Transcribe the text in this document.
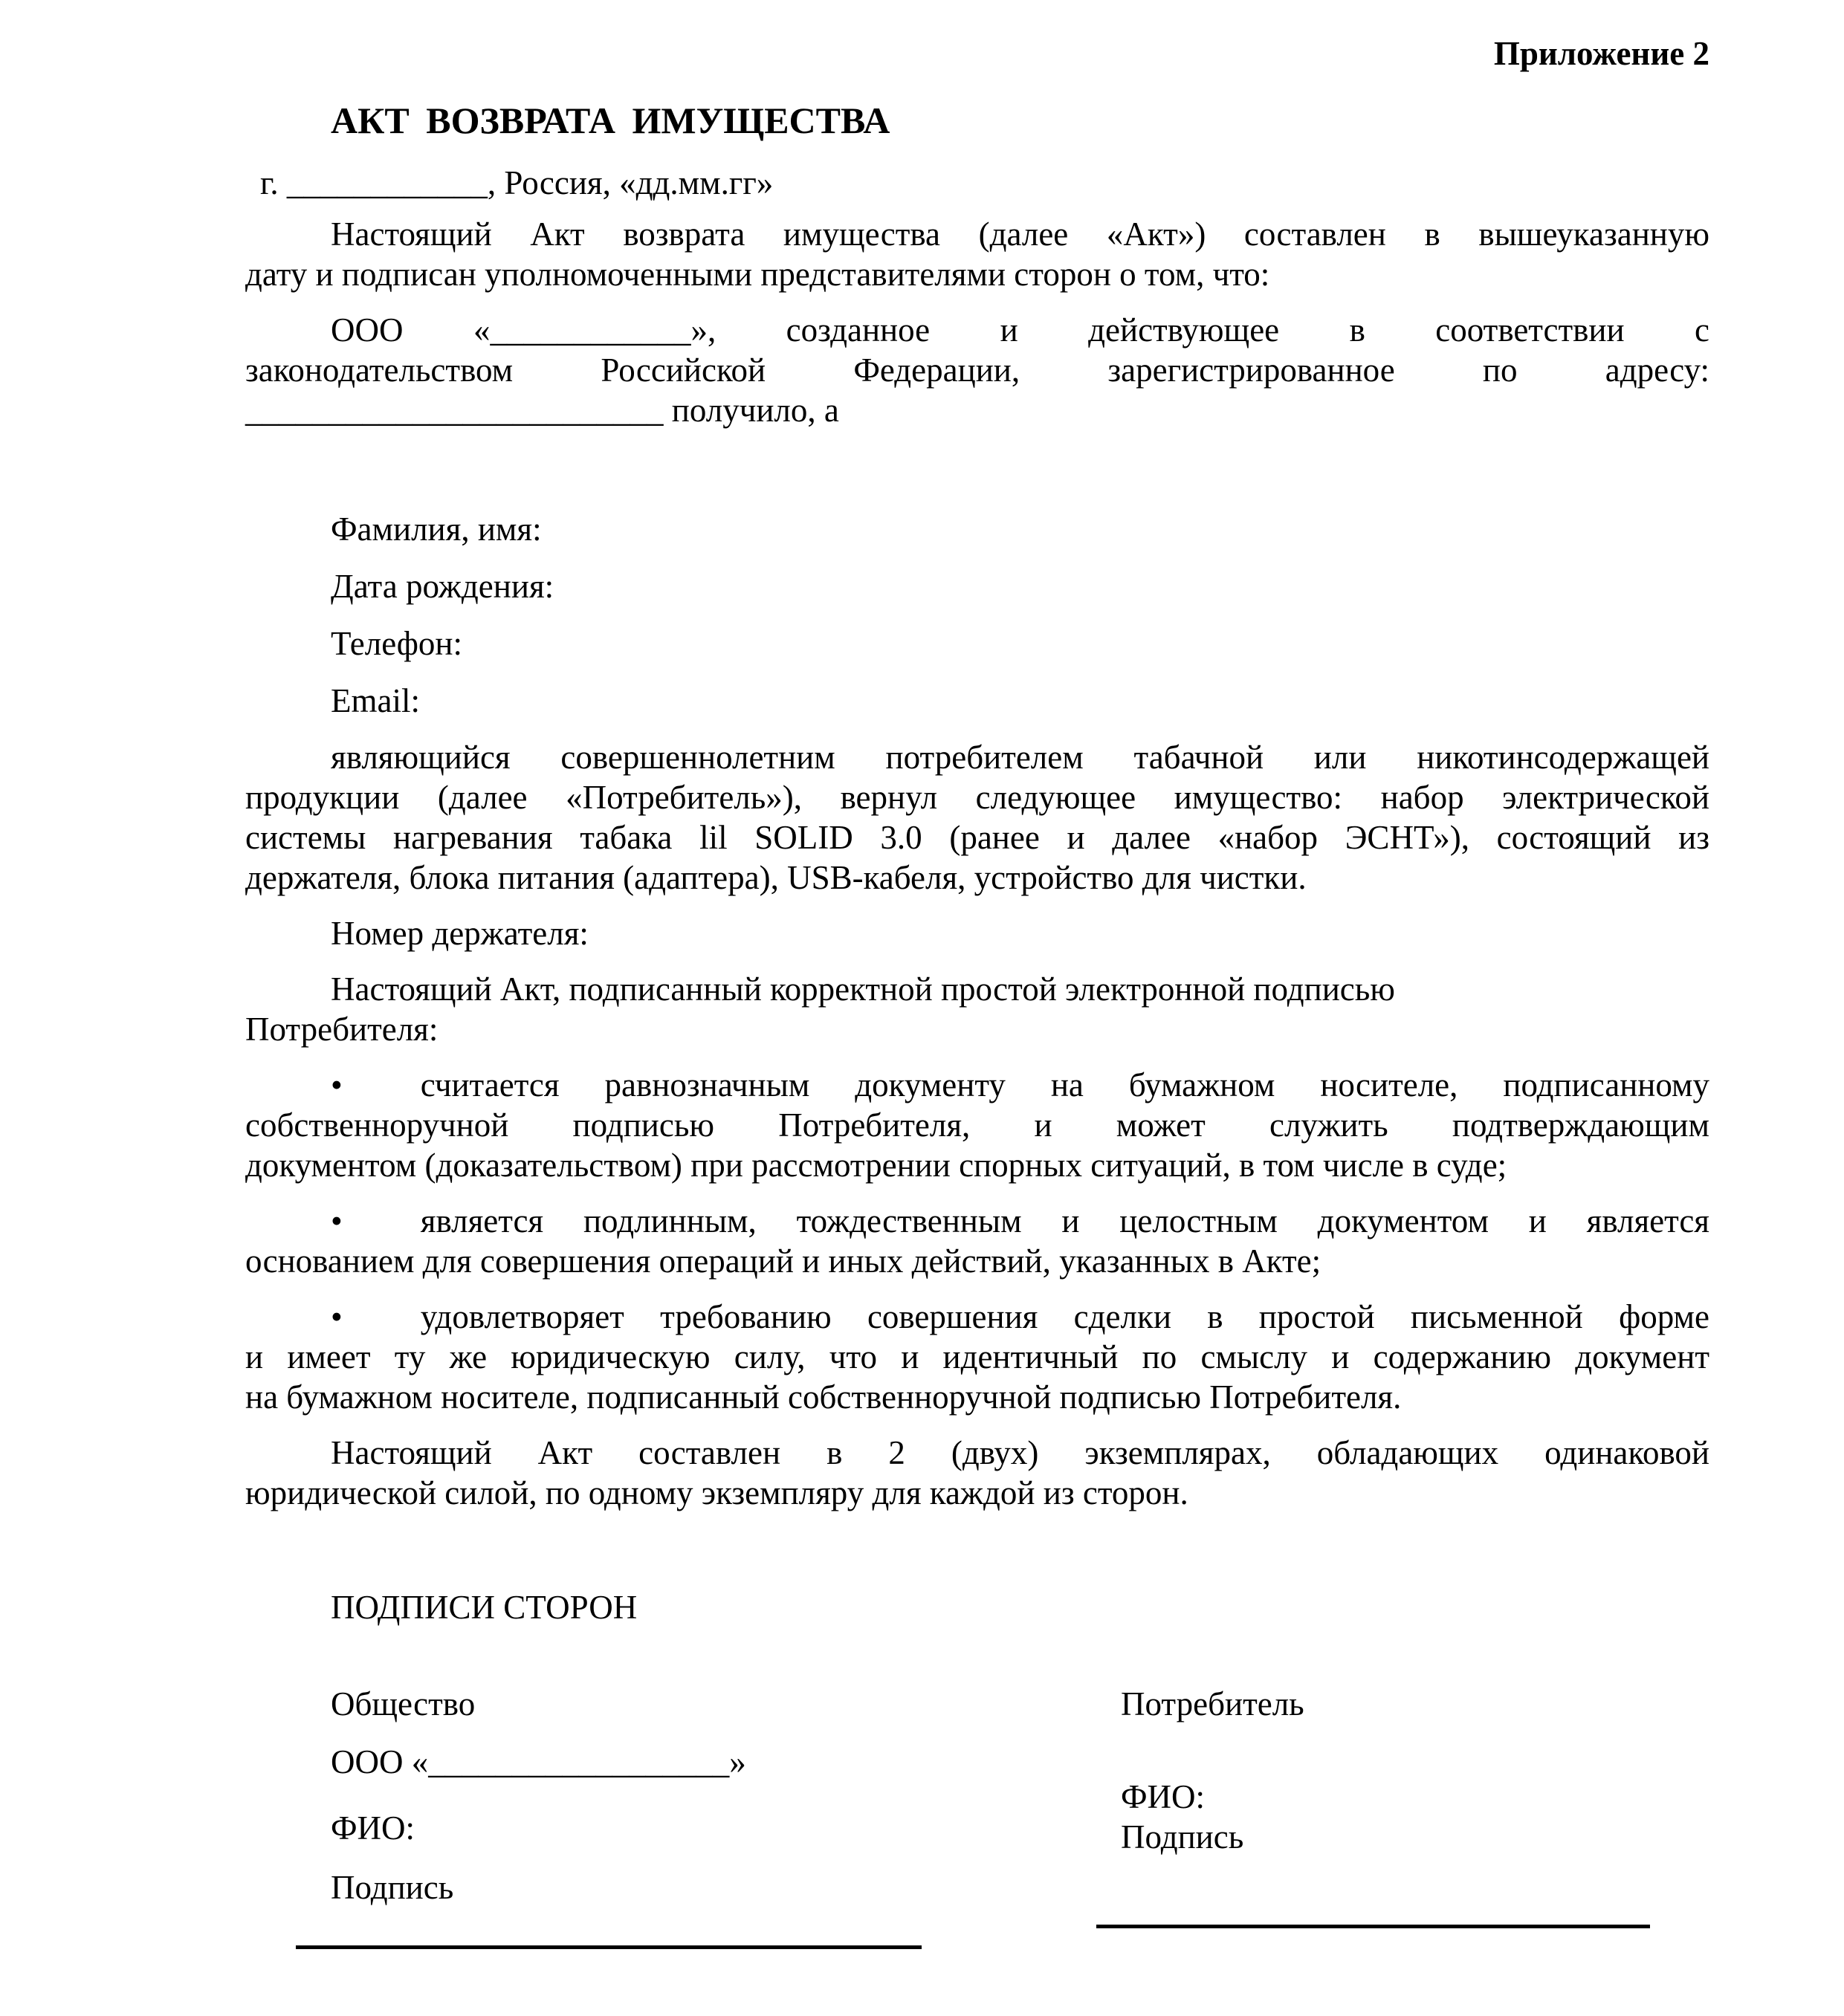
Приложение 2

АКТ ВОЗВРАТА ИМУЩЕСТВА

г. ____________, Россия, «дд.мм.гг»

Настоящий Акт возврата имущества (далее «Акт») составлен в вышеуказанную
дату и подписан уполномоченными представителями сторон о том, что:
ООО «____________», созданное и действующее в соответствии с
законодательством Российской Федерации, зарегистрированное по адресу:
_________________________ получило, а

Фамилия, имя:

Дата рождения:

Телефон:

Email:

являющийся совершеннолетним потребителем табачной или никотинсодержащей
продукции (далее «Потребитель»), вернул следующее имущество: набор электрической
системы нагревания табака lil SOLID 3.0 (ранее и далее «набор ЭСНТ»), состоящий из
держателя, блока питания (адаптера), USB-кабеля, устройство для чистки.

Номер держателя:

Настоящий Акт, подписанный корректной простой электронной подписью
Потребителя:
• считается равнозначным документу на бумажном носителе, подписанному
собственноручной подписью Потребителя, и может служить подтверждающим
документом (доказательством) при рассмотрении спорных ситуаций, в том числе в суде;
• является подлинным, тождественным и целостным документом и является
основанием для совершения операций и иных действий, указанных в Акте;
• удовлетворяет требованию совершения сделки в простой письменной форме
и имеет ту же юридическую силу, что и идентичный по смыслу и содержанию документ
на бумажном носителе, подписанный собственноручной подписью Потребителя.
Настоящий Акт составлен в 2 (двух) экземплярах, обладающих одинаковой
юридической силой, по одному экземпляру для каждой из сторон.

ПОДПИСИ СТОРОН

Общество

ООО «__________________»

ФИО:

Подпись

Потребитель

ФИО:

Подпись
